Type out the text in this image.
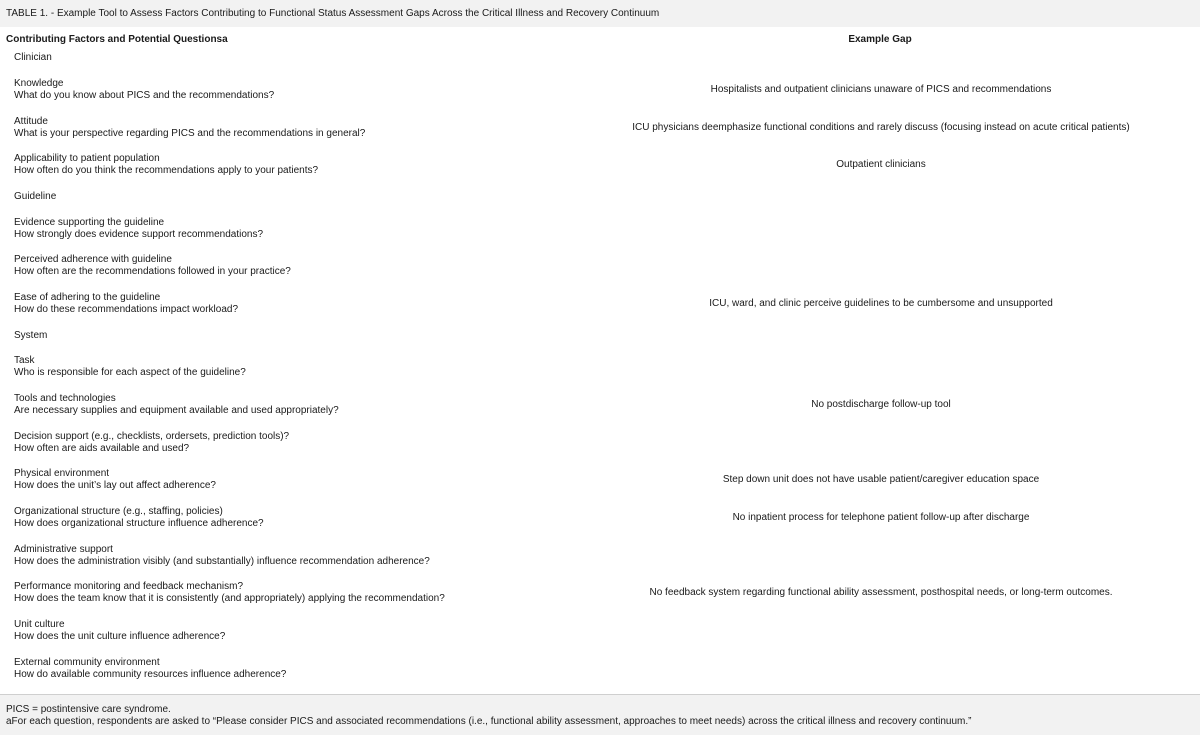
TABLE 1. - Example Tool to Assess Factors Contributing to Functional Status Assessment Gaps Across the Critical Illness and Recovery Continuum
Contributing Factors and Potential Questionsa	Example Gap
Clinician
Knowledge
What do you know about PICS and the recommendations?
Hospitalists and outpatient clinicians unaware of PICS and recommendations
Attitude
What is your perspective regarding PICS and the recommendations in general?
ICU physicians deemphasize functional conditions and rarely discuss (focusing instead on acute critical patients)
Applicability to patient population
How often do you think the recommendations apply to your patients?
Outpatient clinicians
Guideline
Evidence supporting the guideline
How strongly does evidence support recommendations?
Perceived adherence with guideline
How often are the recommendations followed in your practice?
Ease of adhering to the guideline
How do these recommendations impact workload?
ICU, ward, and clinic perceive guidelines to be cumbersome and unsupported
System
Task
Who is responsible for each aspect of the guideline?
Tools and technologies
Are necessary supplies and equipment available and used appropriately?
No postdischarge follow-up tool
Decision support (e.g., checklists, ordersets, prediction tools)?
How often are aids available and used?
Physical environment
How does the unit’s lay out affect adherence?
Step down unit does not have usable patient/caregiver education space
Organizational structure (e.g., staffing, policies)
How does organizational structure influence adherence?
No inpatient process for telephone patient follow-up after discharge
Administrative support
How does the administration visibly (and substantially) influence recommendation adherence?
Performance monitoring and feedback mechanism?
How does the team know that it is consistently (and appropriately) applying the recommendation?
No feedback system regarding functional ability assessment, posthospital needs, or long-term outcomes.
Unit culture
How does the unit culture influence adherence?
External community environment
How do available community resources influence adherence?
PICS = postintensive care syndrome.
aFor each question, respondents are asked to “Please consider PICS and associated recommendations (i.e., functional ability assessment, approaches to meet needs) across the critical illness and recovery continuum.”
